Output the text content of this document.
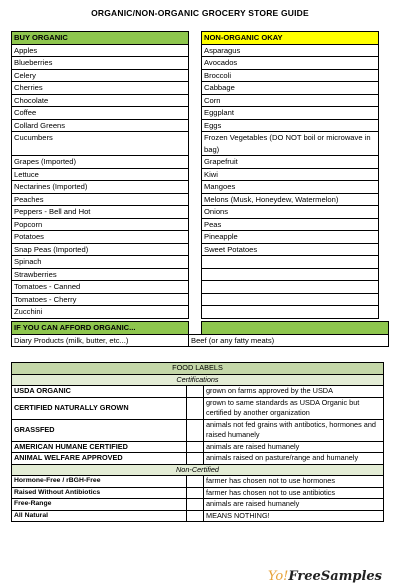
ORGANIC/NON-ORGANIC GROCERY STORE GUIDE
BUY ORGANIC		NON-ORGANIC OKAY
Apples		Asparagus
Blueberries		Avocados
Celery		Broccoli
Cherries		Cabbage
Chocolate		Corn
Coffee		Eggplant
Collard Greens		Eggs
Cucumbers		Frozen Vegetables (DO NOT boil or microwave in bag)
Grapes (Imported)		Grapefruit
Lettuce		Kiwi
Nectarines (Imported)		Mangoes
Peaches		Melons (Musk, Honeydew, Watermelon)
Peppers - Bell and Hot		Onions
Popcorn		Peas
Potatoes		Pineapple
Snap Peas (Imported)		Sweet Potatoes
Spinach		
Strawberries		
Tomatoes - Canned		
Tomatoes - Cherry		
Zucchini		
IF YOU CAN AFFORD ORGANIC...		
Diary Products (milk, butter, etc...)	Beef (or any fatty meats)	
FOOD LABELS		
Certifications		
USDA ORGANIC		grown on farms approved by the USDA
CERTIFIED NATURALLY GROWN		grown to same standards as USDA Organic but certified by another organization
GRASSFED		animals not fed grains with antibotics, hormones and raised humanely
AMERICAN HUMANE CERTIFIED		animals are raised humanely
ANIMAL WELFARE APPROVED		animals raised on pasture/range and humanely
Non-Certified		
Hormone-Free / rBGH-Free		farmer has chosen not to use hormones
Raised Without Antibiotics		farmer has chosen not to use antibiotics
Free-Range		animals are raised humanely
All Natural		MEANS NOTHING!
Yo!FreeSamples
